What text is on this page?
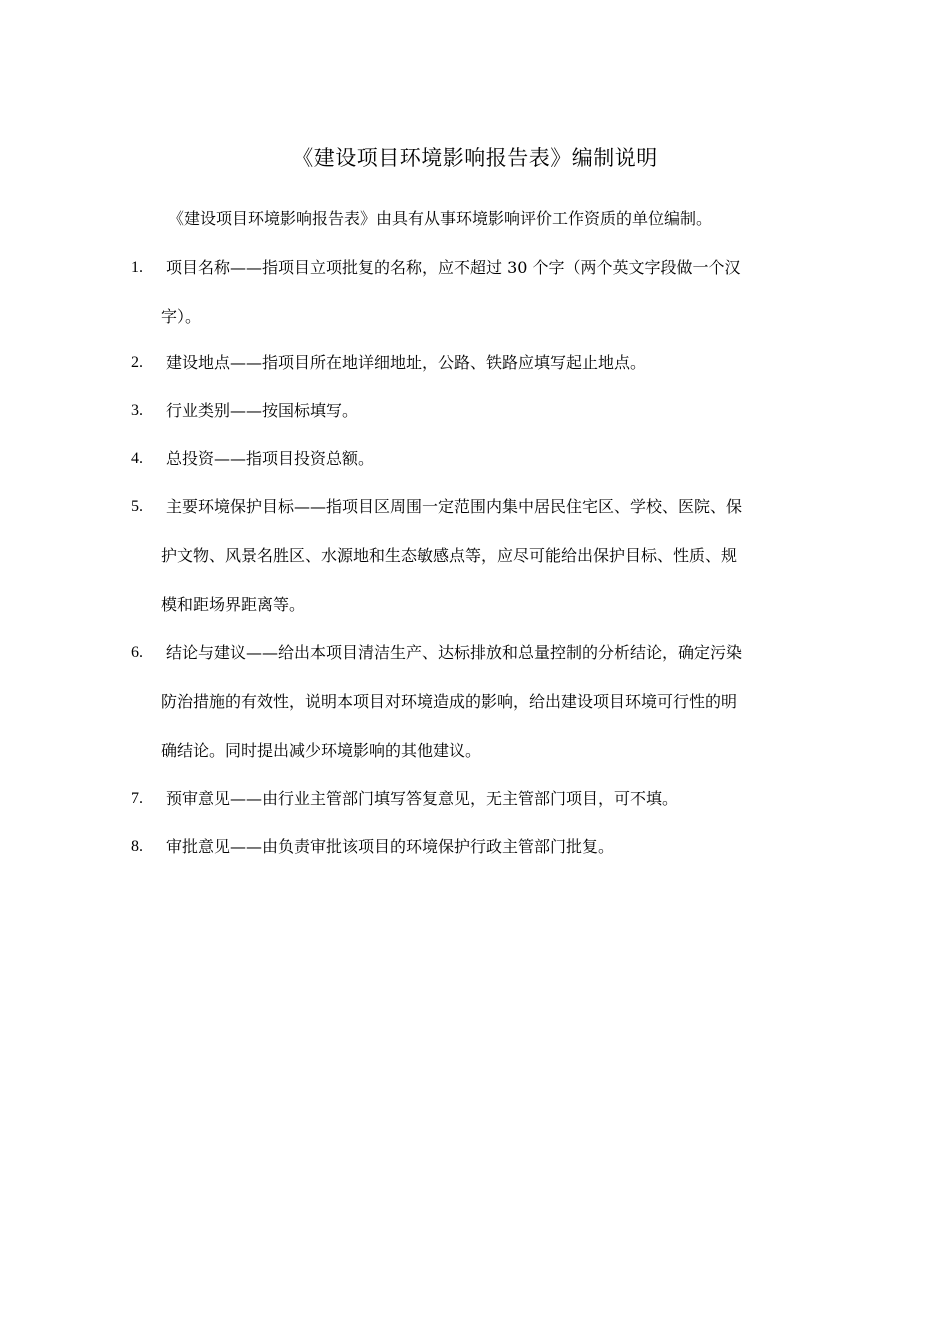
《建设项目环境影响报告表》编制说明
《建设项目环境影响报告表》由具有从事环境影响评价工作资质的单位编制。
1. 项目名称——指项目立项批复的名称，应不超过 30 个字（两个英文字段做一个汉
字）。
2. 建设地点——指项目所在地详细地址，公路、铁路应填写起止地点。
3. 行业类别——按国标填写。
4. 总投资——指项目投资总额。
5. 主要环境保护目标——指项目区周围一定范围内集中居民住宅区、学校、医院、保
护文物、风景名胜区、水源地和生态敏感点等，应尽可能给出保护目标、性质、规
模和距场界距离等。
6. 结论与建议——给出本项目清洁生产、达标排放和总量控制的分析结论，确定污染
防治措施的有效性，说明本项目对环境造成的影响，给出建设项目环境可行性的明
确结论。同时提出减少环境影响的其他建议。
7. 预审意见——由行业主管部门填写答复意见，无主管部门项目，可不填。
8. 审批意见——由负责审批该项目的环境保护行政主管部门批复。
